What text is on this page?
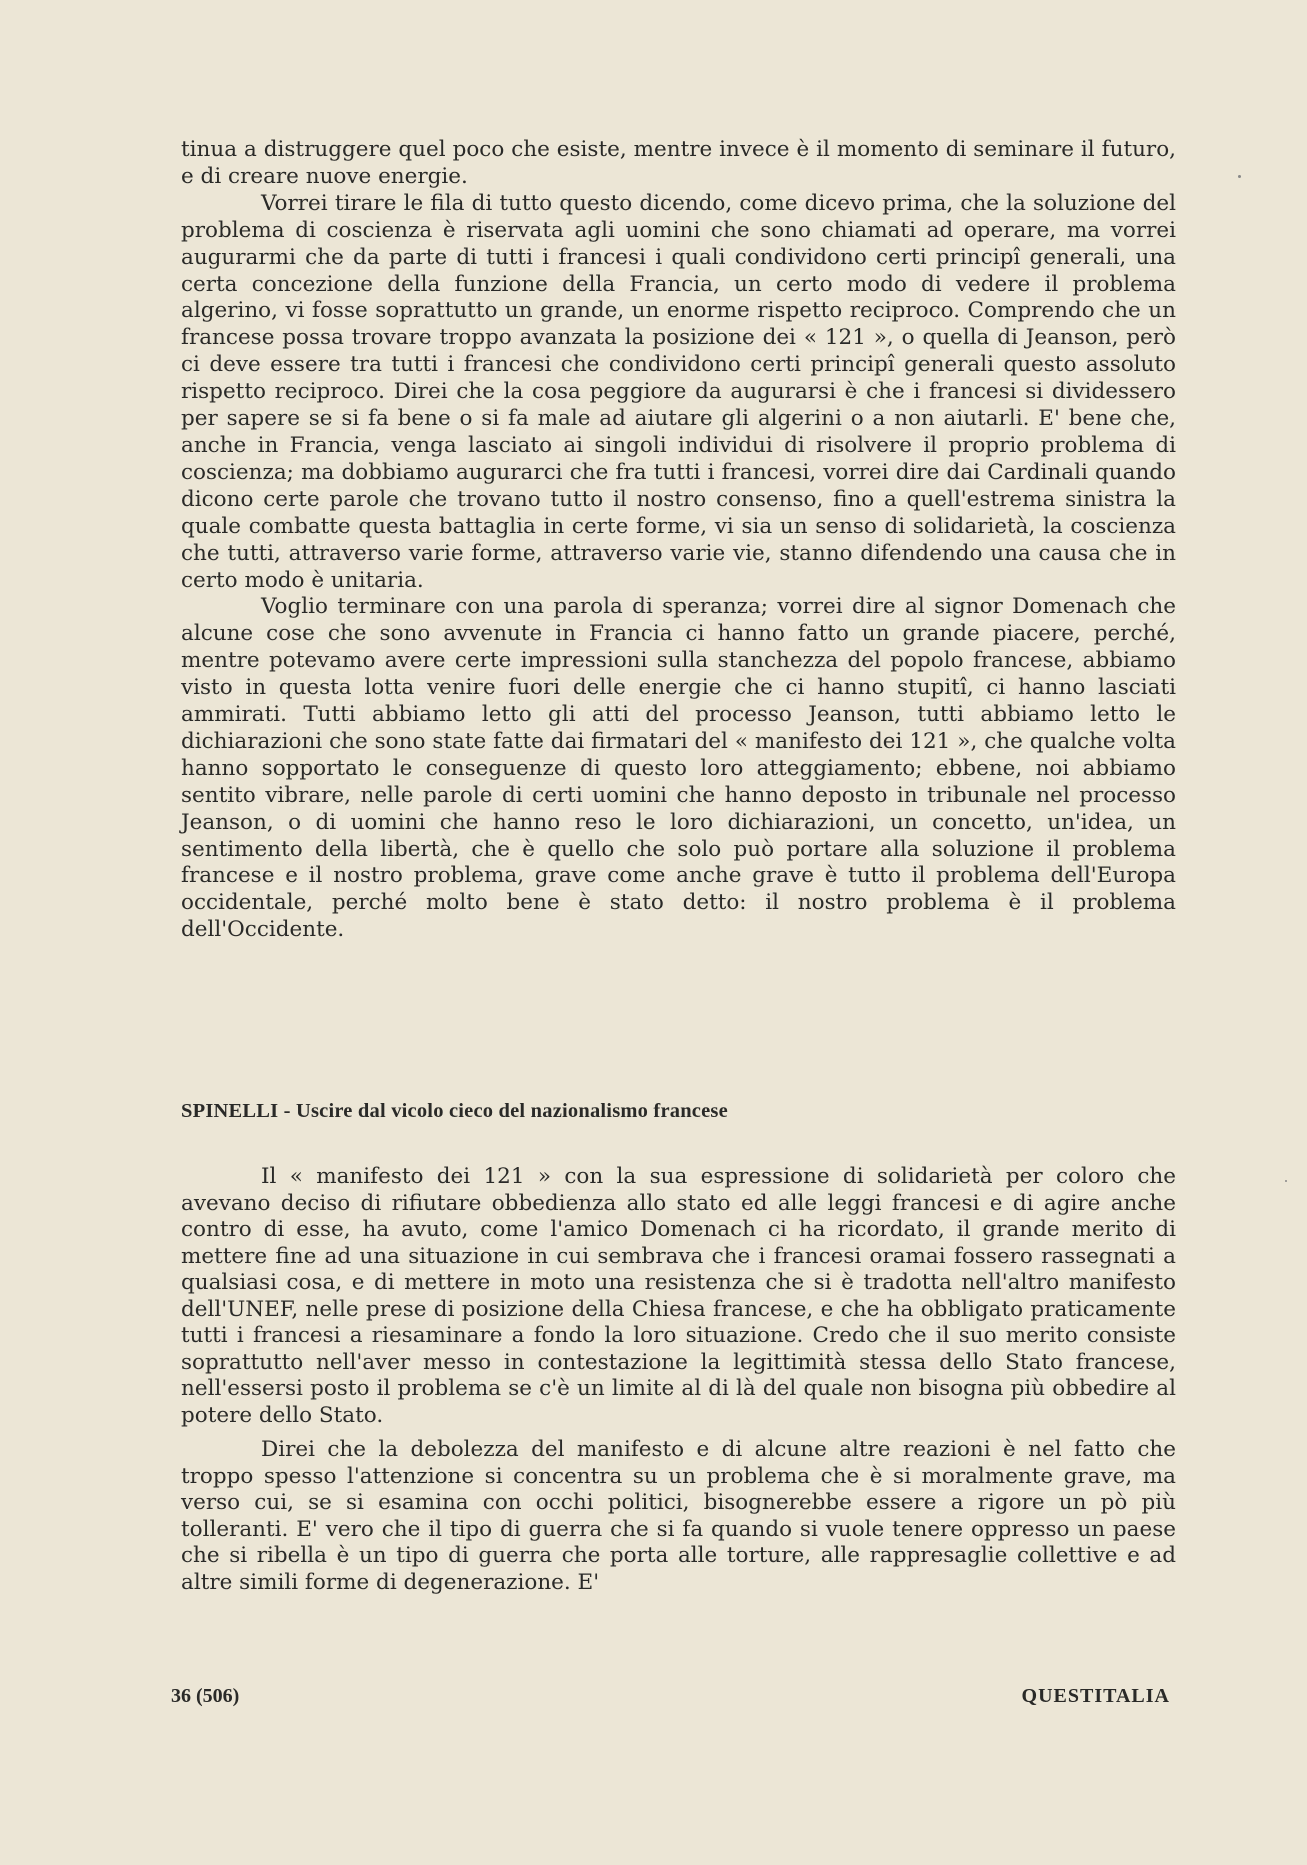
tinua a distruggere quel poco che esiste, mentre invece è il momento di seminare il futuro, e di creare nuove energie.

Vorrei tirare le fila di tutto questo dicendo, come dicevo prima, che la soluzione del problema di coscienza è riservata agli uomini che sono chiamati ad operare, ma vorrei augurarmi che da parte di tutti i francesi i quali condividono certi principî generali, una certa concezione della funzione della Francia, un certo modo di vedere il problema algerino, vi fosse soprattutto un grande, un enorme rispetto reciproco. Comprendo che un francese possa trovare troppo avanzata la posizione dei « 121 », o quella di Jeanson, però ci deve essere tra tutti i francesi che condividono certi principî generali questo assoluto rispetto reciproco. Direi che la cosa peggiore da augurarsi è che i francesi si dividessero per sapere se si fa bene o si fa male ad aiutare gli algerini o a non aiutarli. E' bene che, anche in Francia, venga lasciato ai singoli individui di risolvere il proprio problema di coscienza; ma dobbiamo augurarci che fra tutti i francesi, vorrei dire dai Cardinali quando dicono certe parole che trovano tutto il nostro consenso, fino a quell'estrema sinistra la quale combatte questa battaglia in certe forme, vi sia un senso di solidarietà, la coscienza che tutti, attraverso varie forme, attraverso varie vie, stanno difendendo una causa che in certo modo è unitaria.

Voglio terminare con una parola di speranza; vorrei dire al signor Domenach che alcune cose che sono avvenute in Francia ci hanno fatto un grande piacere, perché, mentre potevamo avere certe impressioni sulla stanchezza del popolo francese, abbiamo visto in questa lotta venire fuori delle energie che ci hanno stupitî, ci hanno lasciati ammirati. Tutti abbiamo letto gli atti del processo Jeanson, tutti abbiamo letto le dichiarazioni che sono state fatte dai firmatari del « manifesto dei 121 », che qualche volta hanno sopportato le conseguenze di questo loro atteggiamento; ebbene, noi abbiamo sentito vibrare, nelle parole di certi uomini che hanno deposto in tribunale nel processo Jeanson, o di uomini che hanno reso le loro dichiarazioni, un concetto, un'idea, un sentimento della libertà, che è quello che solo può portare alla soluzione il problema francese e il nostro problema, grave come anche grave è tutto il problema dell'Europa occidentale, perché molto bene è stato detto: il nostro problema è il problema dell'Occidente.

SPINELLI - Uscire dal vicolo cieco del nazionalismo francese

Il « manifesto dei 121 » con la sua espressione di solidarietà per coloro che avevano deciso di rifiutare obbedienza allo stato ed alle leggi francesi e di agire anche contro di esse, ha avuto, come l'amico Domenach ci ha ricordato, il grande merito di mettere fine ad una situazione in cui sembrava che i francesi oramai fossero rassegnati a qualsiasi cosa, e di mettere in moto una resistenza che si è tradotta nell'altro manifesto dell'UNEF, nelle prese di posizione della Chiesa francese, e che ha obbligato praticamente tutti i francesi a riesaminare a fondo la loro situazione. Credo che il suo merito consiste soprattutto nell'aver messo in contestazione la legittimità stessa dello Stato francese, nell'essersi posto il problema se c'è un limite al di là del quale non bisogna più obbedire al potere dello Stato.

Direi che la debolezza del manifesto e di alcune altre reazioni è nel fatto che troppo spesso l'attenzione si concentra su un problema che è si moralmente grave, ma verso cui, se si esamina con occhi politici, bisognerebbe essere a rigore un pò più tolleranti. E' vero che il tipo di guerra che si fa quando si vuole tenere oppresso un paese che si ribella è un tipo di guerra che porta alle torture, alle rappresaglie collettive e ad altre simili forme di degenerazione. E'

36 (506)	QUESTITALIA
